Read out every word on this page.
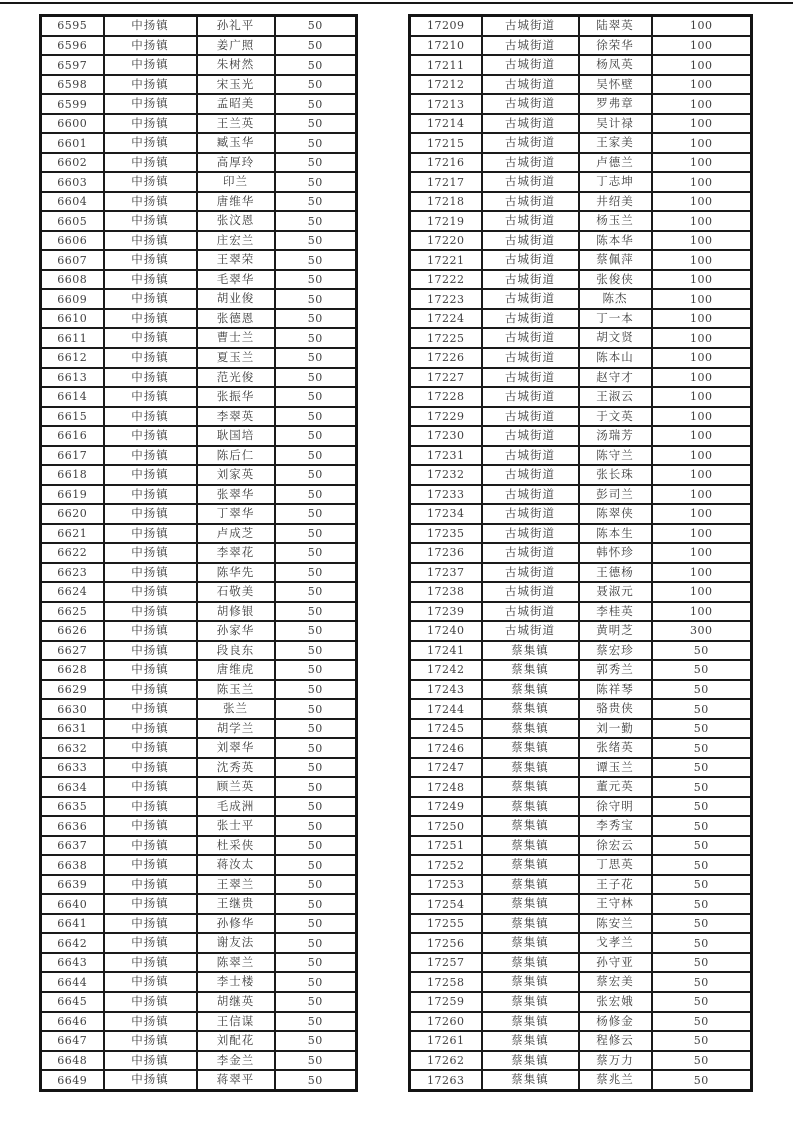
6595	中扬镇	孙礼平	50
6596	中扬镇	姜广照	50
6597	中扬镇	朱树然	50
6598	中扬镇	宋玉光	50
6599	中扬镇	孟昭美	50
6600	中扬镇	王兰英	50
6601	中扬镇	臧玉华	50
6602	中扬镇	高厚玲	50
6603	中扬镇	印兰	50
6604	中扬镇	唐维华	50
6605	中扬镇	张汶恩	50
6606	中扬镇	庄宏兰	50
6607	中扬镇	王翠荣	50
6608	中扬镇	毛翠华	50
6609	中扬镇	胡业俊	50
6610	中扬镇	张德恩	50
6611	中扬镇	曹士兰	50
6612	中扬镇	夏玉兰	50
6613	中扬镇	范光俊	50
6614	中扬镇	张振华	50
6615	中扬镇	李翠英	50
6616	中扬镇	耿国培	50
6617	中扬镇	陈后仁	50
6618	中扬镇	刘家英	50
6619	中扬镇	张翠华	50
6620	中扬镇	丁翠华	50
6621	中扬镇	卢成芝	50
6622	中扬镇	李翠花	50
6623	中扬镇	陈华先	50
6624	中扬镇	石敬美	50
6625	中扬镇	胡修银	50
6626	中扬镇	孙家华	50
6627	中扬镇	段良东	50
6628	中扬镇	唐维虎	50
6629	中扬镇	陈玉兰	50
6630	中扬镇	张兰	50
6631	中扬镇	胡学兰	50
6632	中扬镇	刘翠华	50
6633	中扬镇	沈秀英	50
6634	中扬镇	顾兰英	50
6635	中扬镇	毛成洲	50
6636	中扬镇	张士平	50
6637	中扬镇	杜采侠	50
6638	中扬镇	蒋汝太	50
6639	中扬镇	王翠兰	50
6640	中扬镇	王继贵	50
6641	中扬镇	孙修华	50
6642	中扬镇	谢友法	50
6643	中扬镇	陈翠兰	50
6644	中扬镇	李士楼	50
6645	中扬镇	胡继英	50
6646	中扬镇	王信谋	50
6647	中扬镇	刘配花	50
6648	中扬镇	李金兰	50
6649	中扬镇	蒋翠平	50
17209	古城街道	陆翠英	100
17210	古城街道	徐荣华	100
17211	古城街道	杨凤英	100
17212	古城街道	吴怀壁	100
17213	古城街道	罗弗章	100
17214	古城街道	吴计禄	100
17215	古城街道	王家美	100
17216	古城街道	卢德兰	100
17217	古城街道	丁志坤	100
17218	古城街道	井绍美	100
17219	古城街道	杨玉兰	100
17220	古城街道	陈本华	100
17221	古城街道	蔡佩萍	100
17222	古城街道	张俊侠	100
17223	古城街道	陈杰	100
17224	古城街道	丁一本	100
17225	古城街道	胡文贤	100
17226	古城街道	陈本山	100
17227	古城街道	赵守才	100
17228	古城街道	王淑云	100
17229	古城街道	于文英	100
17230	古城街道	汤瑞芳	100
17231	古城街道	陈守兰	100
17232	古城街道	张长珠	100
17233	古城街道	彭司兰	100
17234	古城街道	陈翠侠	100
17235	古城街道	陈本生	100
17236	古城街道	韩怀珍	100
17237	古城街道	王德杨	100
17238	古城街道	聂淑元	100
17239	古城街道	李桂英	100
17240	古城街道	黄明芝	300
17241	蔡集镇	蔡宏珍	50
17242	蔡集镇	郭秀兰	50
17243	蔡集镇	陈祥琴	50
17244	蔡集镇	骆贵侠	50
17245	蔡集镇	刘一勤	50
17246	蔡集镇	张绪英	50
17247	蔡集镇	谭玉兰	50
17248	蔡集镇	董元英	50
17249	蔡集镇	徐守明	50
17250	蔡集镇	李秀宝	50
17251	蔡集镇	徐宏云	50
17252	蔡集镇	丁思英	50
17253	蔡集镇	王子花	50
17254	蔡集镇	王守林	50
17255	蔡集镇	陈安兰	50
17256	蔡集镇	戈孝兰	50
17257	蔡集镇	孙守亚	50
17258	蔡集镇	蔡宏美	50
17259	蔡集镇	张宏娥	50
17260	蔡集镇	杨修金	50
17261	蔡集镇	程修云	50
17262	蔡集镇	蔡万力	50
17263	蔡集镇	蔡兆兰	50
